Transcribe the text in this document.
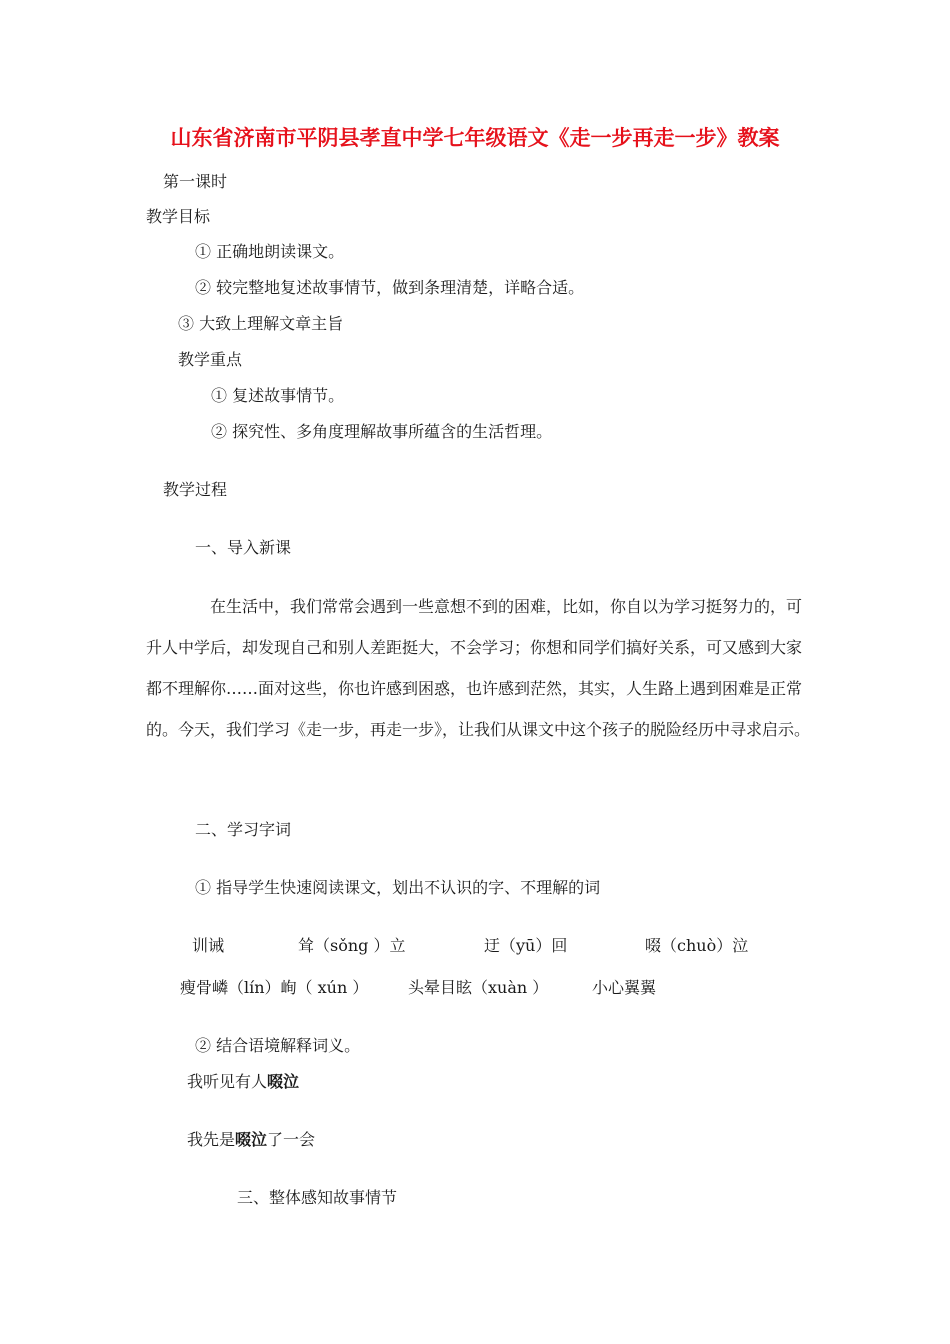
山东省济南市平阴县孝直中学七年级语文《走一步再走一步》教案
第一课时
教学目标
① 正确地朗读课文。
② 较完整地复述故事情节，做到条理清楚，详略合适。
③ 大致上理解文章主旨
教学重点
① 复述故事情节。
② 探究性、多角度理解故事所蕴含的生活哲理。
教学过程
一、导入新课
在生活中，我们常常会遇到一些意想不到的困难，比如，你自以为学习挺努力的，可升人中学后，却发现自己和别人差距挺大，不会学习；你想和同学们搞好关系，可又感到大家都不理解你……面对这些，你也许感到困惑，也许感到茫然，其实，人生路上遇到困难是正常的。今天，我们学习《走一步，再走一步》，让我们从课文中这个孩子的脱险经历中寻求启示。
二、学习字词
① 指导学生快速阅读课文，划出不认识的字、不理解的词
训诫	耸（sǒng ）立	迂（yū）回	啜（chuò）泣
瘦骨嶙（lín）峋（ xún ） 头晕目眩（xuàn ）	小心翼翼
② 结合语境解释词义。
我听见有人啜泣
我先是啜泣了一会
三、整体感知故事情节
